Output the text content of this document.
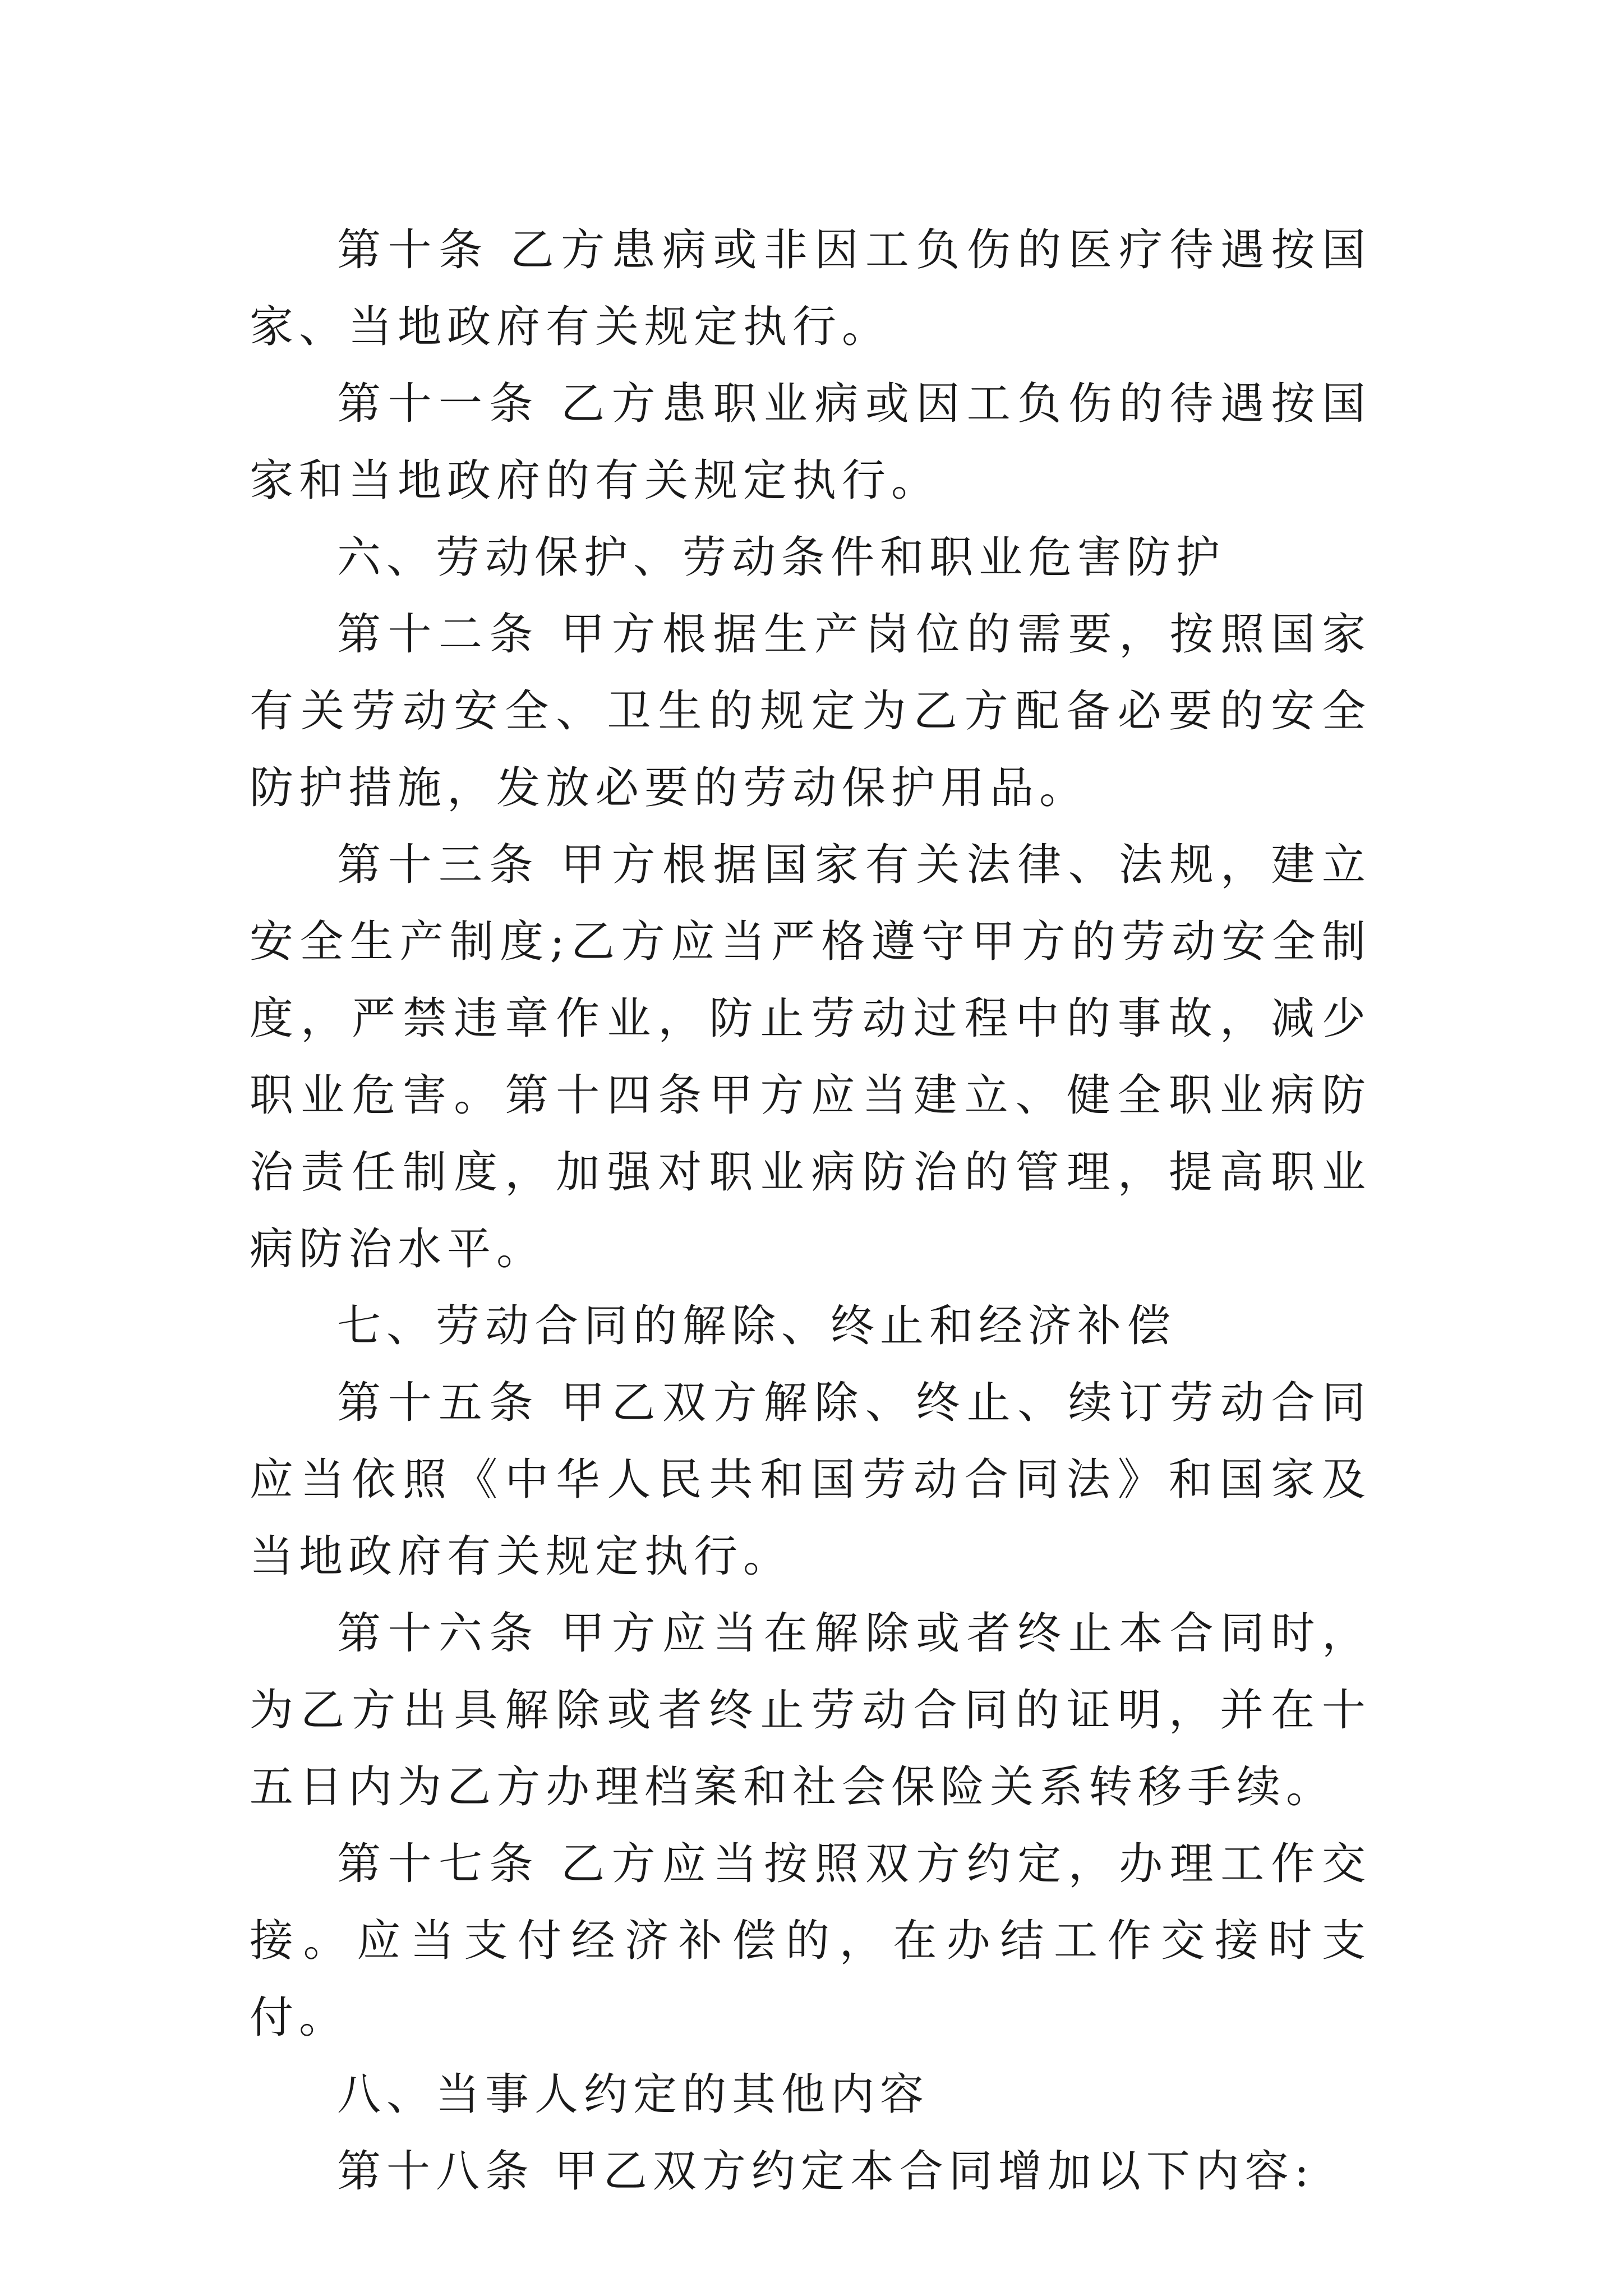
第十条 乙方患病或非因工负伤的医疗待遇按国家、当地政府有关规定执行。

第十一条 乙方患职业病或因工负伤的待遇按国家和当地政府的有关规定执行。

六、劳动保护、劳动条件和职业危害防护

第十二条 甲方根据生产岗位的需要，按照国家有关劳动安全、卫生的规定为乙方配备必要的安全防护措施，发放必要的劳动保护用品。

第十三条 甲方根据国家有关法律、法规，建立安全生产制度;乙方应当严格遵守甲方的劳动安全制度，严禁违章作业，防止劳动过程中的事故，减少职业危害。第十四条甲方应当建立、健全职业病防治责任制度，加强对职业病防治的管理，提高职业病防治水平。

七、劳动合同的解除、终止和经济补偿

第十五条 甲乙双方解除、终止、续订劳动合同应当依照《中华人民共和国劳动合同法》和国家及当地政府有关规定执行。

第十六条 甲方应当在解除或者终止本合同时，为乙方出具解除或者终止劳动合同的证明，并在十五日内为乙方办理档案和社会保险关系转移手续。

第十七条 乙方应当按照双方约定，办理工作交接。应当支付经济补偿的，在办结工作交接时支付。

八、当事人约定的其他内容

第十八条 甲乙双方约定本合同增加以下内容:
